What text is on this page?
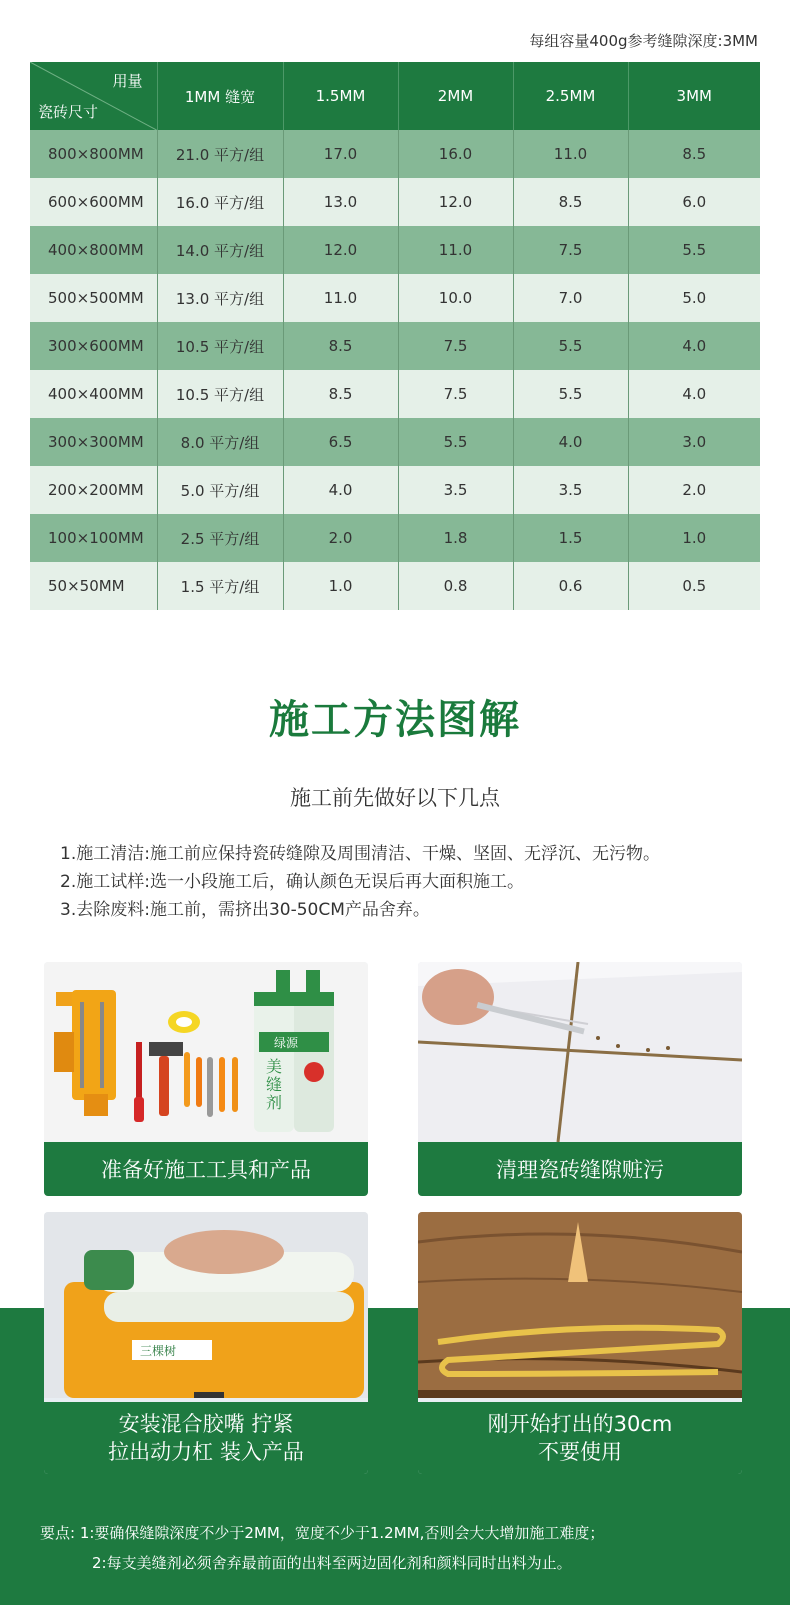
每组容量400g参考缝隙深度:3MM
用量
瓷砖尺寸	1MM 缝宽	1.5MM	2MM	2.5MM	3MM
800×800MM	21.0 平方/组	17.0	16.0	11.0	8.5
600×600MM	16.0 平方/组	13.0	12.0	8.5	6.0
400×800MM	14.0 平方/组	12.0	11.0	7.5	5.5
500×500MM	13.0 平方/组	11.0	10.0	7.0	5.0
300×600MM	10.5 平方/组	8.5	7.5	5.5	4.0
400×400MM	10.5 平方/组	8.5	7.5	5.5	4.0
300×300MM	8.0 平方/组	6.5	5.5	4.0	3.0
200×200MM	5.0 平方/组	4.0	3.5	3.5	2.0
100×100MM	2.5 平方/组	2.0	1.8	1.5	1.0
50×50MM	1.5 平方/组	1.0	0.8	0.6	0.5
施工方法图解
施工前先做好以下几点
1.施工清洁:施工前应保持瓷砖缝隙及周围清洁、干燥、坚固、无浮沉、无污物。
2.施工试样:选一小段施工后，确认颜色无误后再大面积施工。
3.去除废料:施工前，需挤出30-50CM产品舍弃。
绿源
美
缝
剂
准备好施工工具和产品	清理瓷砖缝隙赃污
三棵树
安装混合胶嘴 拧紧
拉出动力杠 装入产品
刚开始打出的30cm
不要使用
要点: 1:要确保缝隙深度不少于2MM，宽度不少于1.2MM,否则会大大增加施工难度；
2:每支美缝剂必须舍弃最前面的出料至两边固化剂和颜料同时出料为止。
